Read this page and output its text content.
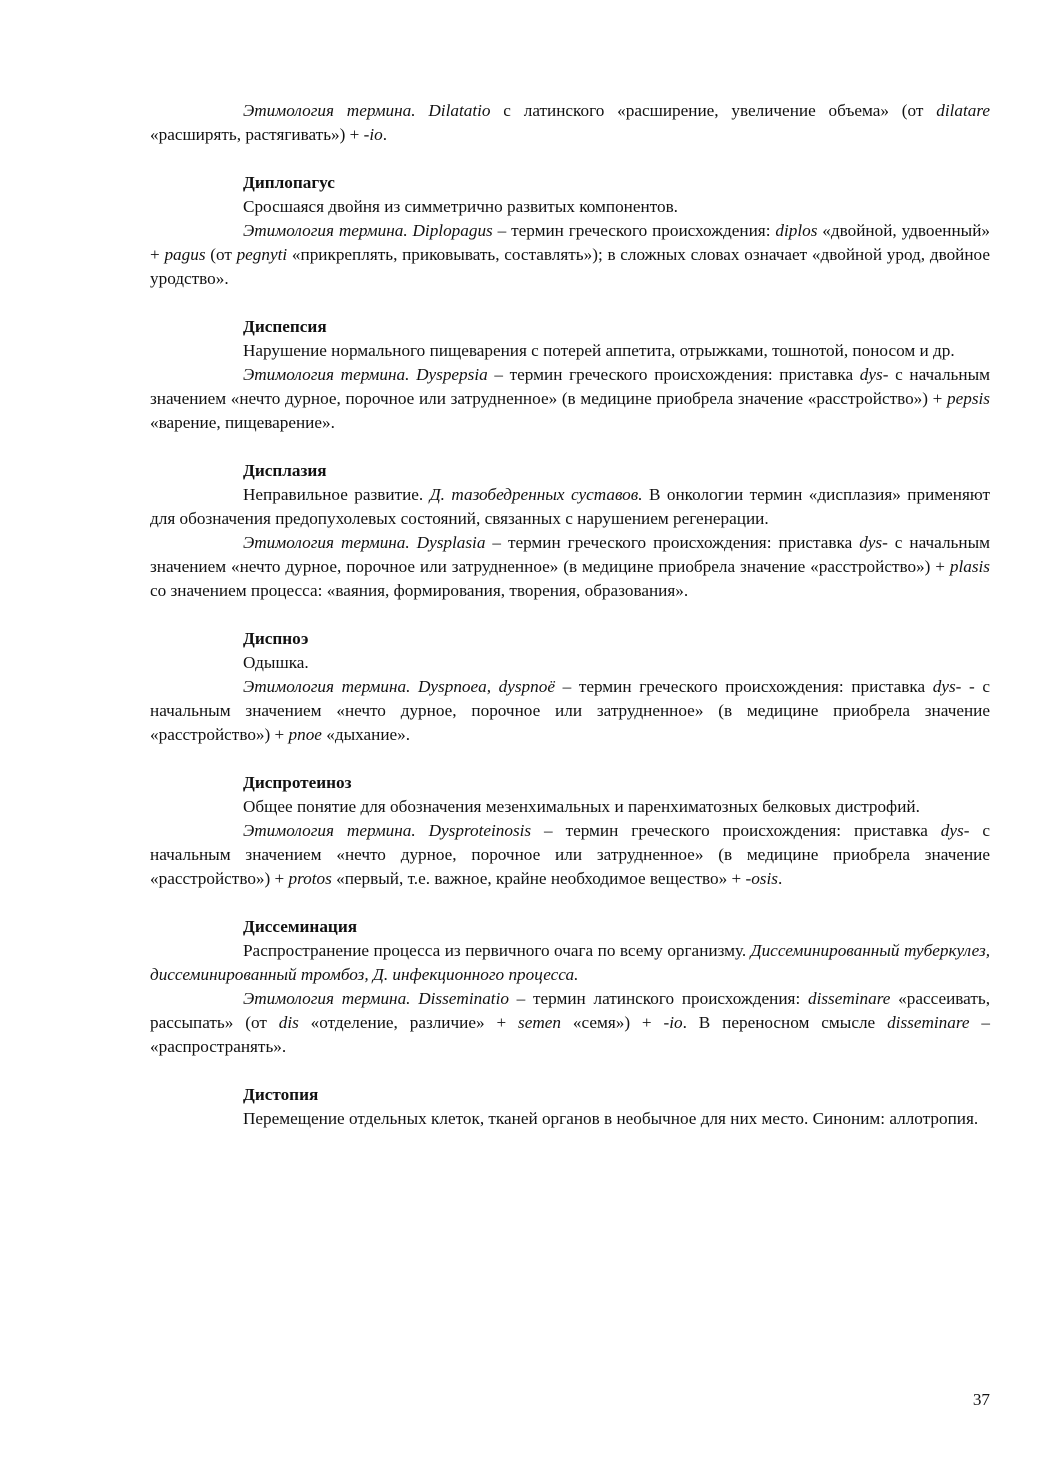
Этимология термина. Dilatatio с латинского «расширение, увеличение объема» (от dilatare «расширять, растягивать») + -io.

Диплопагус

Сросшаяся двойня из симметрично развитых компонентов.

Этимология термина. Diplopagus – термин греческого происхождения: diplos «двойной, удвоенный» + pagus (от pegnyti «прикреплять, приковывать, составлять»); в сложных словах означает «двойной урод, двойное уродство».

Диспепсия

Нарушение нормального пищеварения с потерей аппетита, отрыжками, тошнотой, поносом и др.

Этимология термина. Dyspepsia – термин греческого происхождения: приставка dys- с начальным значением «нечто дурное, порочное или затрудненное» (в медицине приобрела значение «расстройство») + pepsis «варение, пищеварение».

Дисплазия

Неправильное развитие. Д. тазобедренных суставов. В онкологии термин «дисплазия» применяют для обозначения предопухолевых состояний, связанных с нарушением регенерации.

Этимология термина. Dysplasia – термин греческого происхождения: приставка dys- с начальным значением «нечто дурное, порочное или затрудненное» (в медицине приобрела значение «расстройство») + plasis со значением процесса: «ваяния, формирования, творения, образования».

Диспноэ

Одышка.

Этимология термина. Dyspnoea, dyspnoё – термин греческого происхождения: приставка dys- - с начальным значением «нечто дурное, порочное или затрудненное» (в медицине приобрела значение «расстройство») + pnoe «дыхание».

Диспротеиноз

Общее понятие для обозначения мезенхимальных и паренхиматозных белковых дистрофий.

Этимология термина. Dysproteinosis – термин греческого происхождения: приставка dys- с начальным значением «нечто дурное, порочное или затрудненное» (в медицине приобрела значение «расстройство») + protos «первый, т.е. важное, крайне необходимое вещество» + -osis.

Диссеминация

Распространение процесса из первичного очага по всему организму. Диссеминированный туберкулез, диссеминированный тромбоз, Д. инфекционного процесса.

Этимология термина. Disseminatio – термин латинского происхождения: disseminare «рассеивать, рассыпать» (от dis «отделение, различие» + semen «семя») + -io. В переносном смысле disseminare – «распространять».

Дистопия

Перемещение отдельных клеток, тканей органов в необычное для них место. Синоним: аллотропия.

37
